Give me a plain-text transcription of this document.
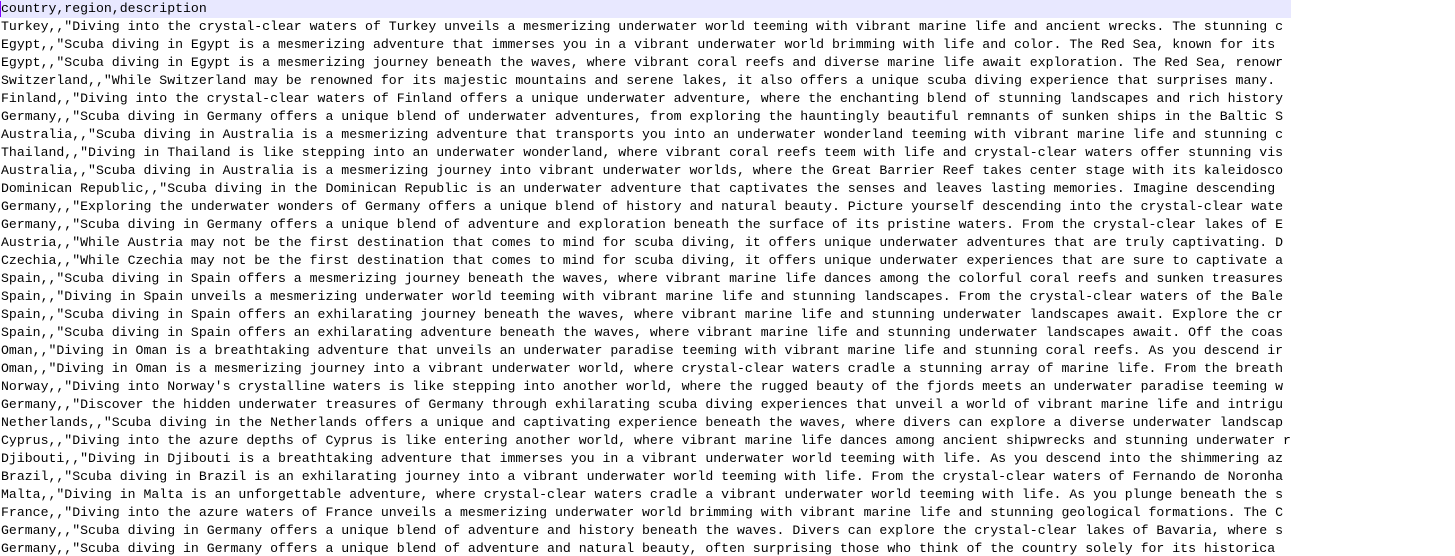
country,region,description
Turkey,,"Diving into the crystal-clear waters of Turkey unveils a mesmerizing underwater world teeming with vibrant marine life and ancient wrecks. The stunning c
Egypt,,"Scuba diving in Egypt is a mesmerizing adventure that immerses you in a vibrant underwater world brimming with life and color. The Red Sea, known for its
Egypt,,"Scuba diving in Egypt is a mesmerizing journey beneath the waves, where vibrant coral reefs and diverse marine life await exploration. The Red Sea, renowr
Switzerland,,"While Switzerland may be renowned for its majestic mountains and serene lakes, it also offers a unique scuba diving experience that surprises many.
Finland,,"Diving into the crystal-clear waters of Finland offers a unique underwater adventure, where the enchanting blend of stunning landscapes and rich history
Germany,,"Scuba diving in Germany offers a unique blend of underwater adventures, from exploring the hauntingly beautiful remnants of sunken ships in the Baltic S
Australia,,"Scuba diving in Australia is a mesmerizing adventure that transports you into an underwater wonderland teeming with vibrant marine life and stunning c
Thailand,,"Diving in Thailand is like stepping into an underwater wonderland, where vibrant coral reefs teem with life and crystal-clear waters offer stunning vis
Australia,,"Scuba diving in Australia is a mesmerizing journey into vibrant underwater worlds, where the Great Barrier Reef takes center stage with its kaleidosco
Dominican Republic,,"Scuba diving in the Dominican Republic is an underwater adventure that captivates the senses and leaves lasting memories. Imagine descending
Germany,,"Exploring the underwater wonders of Germany offers a unique blend of history and natural beauty. Picture yourself descending into the crystal-clear wate
Germany,,"Scuba diving in Germany offers a unique blend of adventure and exploration beneath the surface of its pristine waters. From the crystal-clear lakes of E
Austria,,"While Austria may not be the first destination that comes to mind for scuba diving, it offers unique underwater adventures that are truly captivating. D
Czechia,,"While Czechia may not be the first destination that comes to mind for scuba diving, it offers unique underwater experiences that are sure to captivate a
Spain,,"Scuba diving in Spain offers a mesmerizing journey beneath the waves, where vibrant marine life dances among the colorful coral reefs and sunken treasures
Spain,,"Diving in Spain unveils a mesmerizing underwater world teeming with vibrant marine life and stunning landscapes. From the crystal-clear waters of the Bale
Spain,,"Scuba diving in Spain offers an exhilarating journey beneath the waves, where vibrant marine life and stunning underwater landscapes await. Explore the cr
Spain,,"Scuba diving in Spain offers an exhilarating adventure beneath the waves, where vibrant marine life and stunning underwater landscapes await. Off the coas
Oman,,"Diving in Oman is a breathtaking adventure that unveils an underwater paradise teeming with vibrant marine life and stunning coral reefs. As you descend ir
Oman,,"Diving in Oman is a mesmerizing journey into a vibrant underwater world, where crystal-clear waters cradle a stunning array of marine life. From the breath
Norway,,"Diving into Norway's crystalline waters is like stepping into another world, where the rugged beauty of the fjords meets an underwater paradise teeming w
Germany,,"Discover the hidden underwater treasures of Germany through exhilarating scuba diving experiences that unveil a world of vibrant marine life and intrigu
Netherlands,,"Scuba diving in the Netherlands offers a unique and captivating experience beneath the waves, where divers can explore a diverse underwater landscap
Cyprus,,"Diving into the azure depths of Cyprus is like entering another world, where vibrant marine life dances among ancient shipwrecks and stunning underwater r
Djibouti,,"Diving in Djibouti is a breathtaking adventure that immerses you in a vibrant underwater world teeming with life. As you descend into the shimmering az
Brazil,,"Scuba diving in Brazil is an exhilarating journey into a vibrant underwater world teeming with life. From the crystal-clear waters of Fernando de Noronha
Malta,,"Diving in Malta is an unforgettable adventure, where crystal-clear waters cradle a vibrant underwater world teeming with life. As you plunge beneath the s
France,,"Diving into the azure waters of France unveils a mesmerizing underwater world brimming with vibrant marine life and stunning geological formations. The C
Germany,,"Scuba diving in Germany offers a unique blend of adventure and history beneath the waves. Divers can explore the crystal-clear lakes of Bavaria, where s
Germany,,"Scuba diving in Germany offers a unique blend of adventure and natural beauty, often surprising those who think of the country solely for its historica
